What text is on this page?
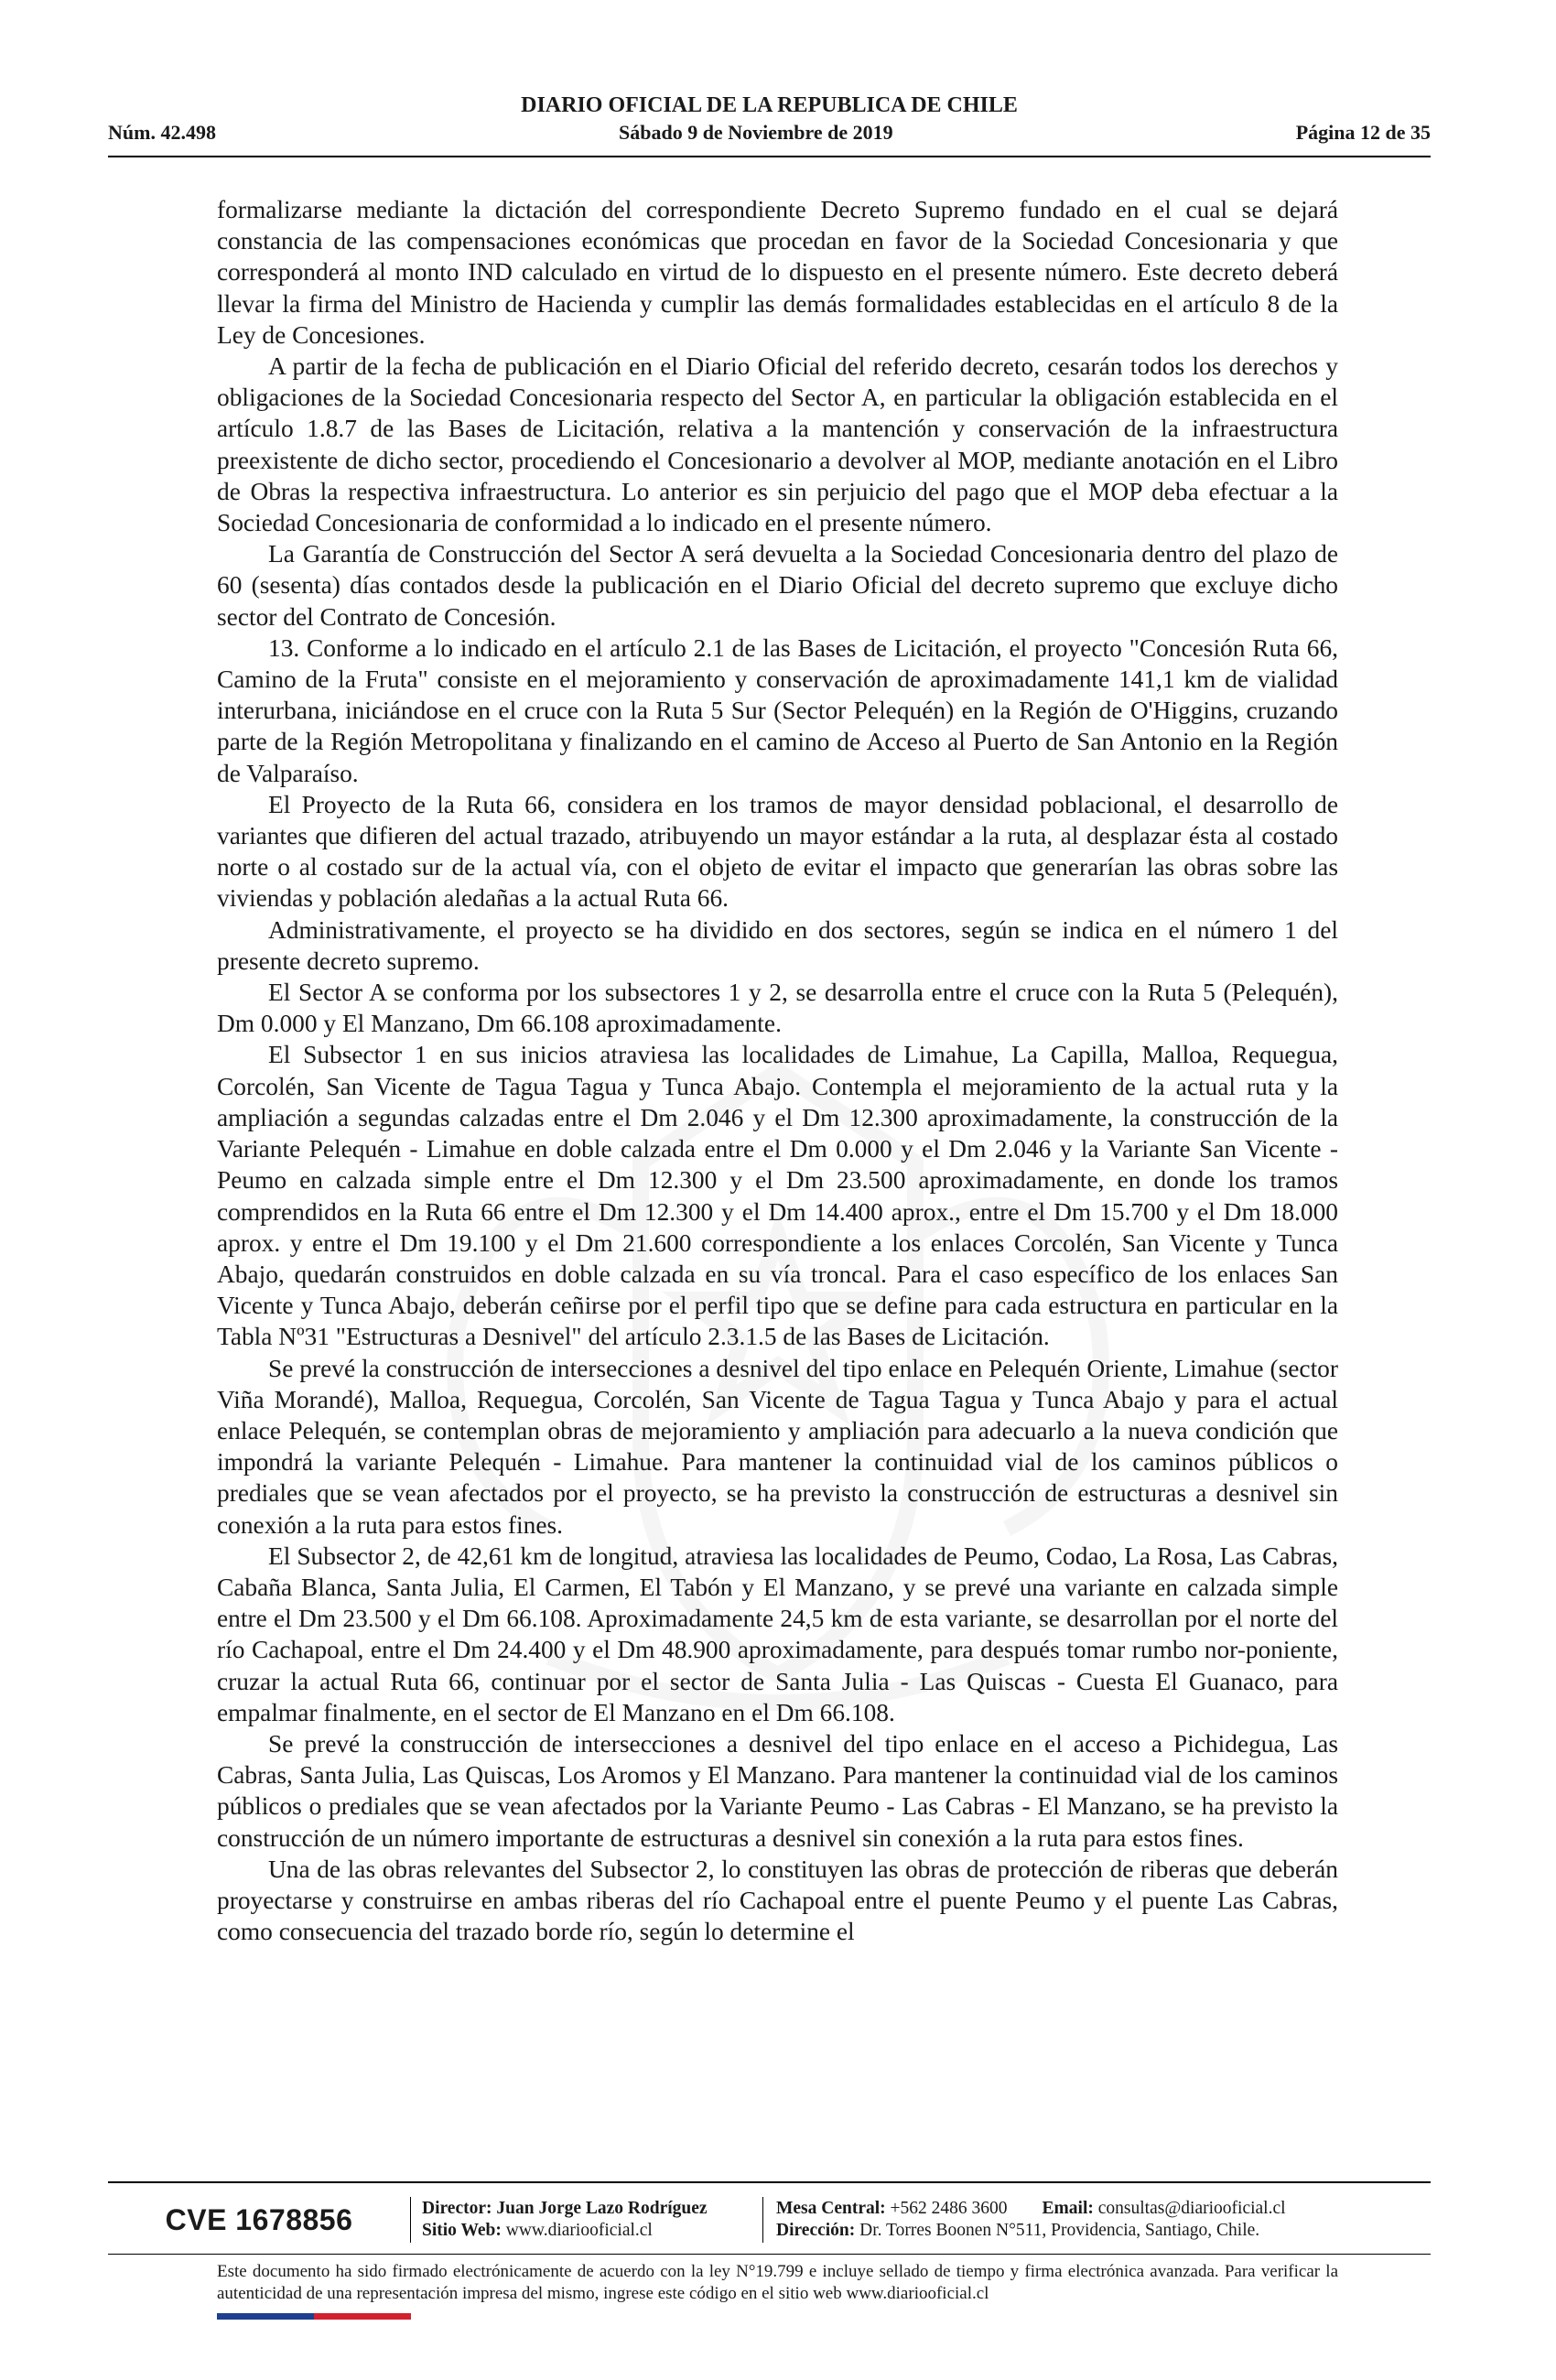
DIARIO OFICIAL DE LA REPUBLICA DE CHILE
Núm. 42.498	Sábado 9 de Noviembre de 2019	Página 12 de 35

formalizarse mediante la dictación del correspondiente Decreto Supremo fundado en el cual se dejará constancia de las compensaciones económicas que procedan en favor de la Sociedad Concesionaria y que corresponderá al monto IND calculado en virtud de lo dispuesto en el presente número. Este decreto deberá llevar la firma del Ministro de Hacienda y cumplir las demás formalidades establecidas en el artículo 8 de la Ley de Concesiones.

A partir de la fecha de publicación en el Diario Oficial del referido decreto, cesarán todos los derechos y obligaciones de la Sociedad Concesionaria respecto del Sector A, en particular la obligación establecida en el artículo 1.8.7 de las Bases de Licitación, relativa a la mantención y conservación de la infraestructura preexistente de dicho sector, procediendo el Concesionario a devolver al MOP, mediante anotación en el Libro de Obras la respectiva infraestructura. Lo anterior es sin perjuicio del pago que el MOP deba efectuar a la Sociedad Concesionaria de conformidad a lo indicado en el presente número.

La Garantía de Construcción del Sector A será devuelta a la Sociedad Concesionaria dentro del plazo de 60 (sesenta) días contados desde la publicación en el Diario Oficial del decreto supremo que excluye dicho sector del Contrato de Concesión.

13. Conforme a lo indicado en el artículo 2.1 de las Bases de Licitación, el proyecto "Concesión Ruta 66, Camino de la Fruta" consiste en el mejoramiento y conservación de aproximadamente 141,1 km de vialidad interurbana, iniciándose en el cruce con la Ruta 5 Sur (Sector Pelequén) en la Región de O'Higgins, cruzando parte de la Región Metropolitana y finalizando en el camino de Acceso al Puerto de San Antonio en la Región de Valparaíso.

El Proyecto de la Ruta 66, considera en los tramos de mayor densidad poblacional, el desarrollo de variantes que difieren del actual trazado, atribuyendo un mayor estándar a la ruta, al desplazar ésta al costado norte o al costado sur de la actual vía, con el objeto de evitar el impacto que generarían las obras sobre las viviendas y población aledañas a la actual Ruta 66.

Administrativamente, el proyecto se ha dividido en dos sectores, según se indica en el número 1 del presente decreto supremo.

El Sector A se conforma por los subsectores 1 y 2, se desarrolla entre el cruce con la Ruta 5 (Pelequén), Dm 0.000 y El Manzano, Dm 66.108 aproximadamente.

El Subsector 1 en sus inicios atraviesa las localidades de Limahue, La Capilla, Malloa, Requegua, Corcolén, San Vicente de Tagua Tagua y Tunca Abajo. Contempla el mejoramiento de la actual ruta y la ampliación a segundas calzadas entre el Dm 2.046 y el Dm 12.300 aproximadamente, la construcción de la Variante Pelequén - Limahue en doble calzada entre el Dm 0.000 y el Dm 2.046 y la Variante San Vicente - Peumo en calzada simple entre el Dm 12.300 y el Dm 23.500 aproximadamente, en donde los tramos comprendidos en la Ruta 66 entre el Dm 12.300 y el Dm 14.400 aprox., entre el Dm 15.700 y el Dm 18.000 aprox. y entre el Dm 19.100 y el Dm 21.600 correspondiente a los enlaces Corcolén, San Vicente y Tunca Abajo, quedarán construidos en doble calzada en su vía troncal. Para el caso específico de los enlaces San Vicente y Tunca Abajo, deberán ceñirse por el perfil tipo que se define para cada estructura en particular en la Tabla Nº31 "Estructuras a Desnivel" del artículo 2.3.1.5 de las Bases de Licitación.

Se prevé la construcción de intersecciones a desnivel del tipo enlace en Pelequén Oriente, Limahue (sector Viña Morandé), Malloa, Requegua, Corcolén, San Vicente de Tagua Tagua y Tunca Abajo y para el actual enlace Pelequén, se contemplan obras de mejoramiento y ampliación para adecuarlo a la nueva condición que impondrá la variante Pelequén - Limahue. Para mantener la continuidad vial de los caminos públicos o prediales que se vean afectados por el proyecto, se ha previsto la construcción de estructuras a desnivel sin conexión a la ruta para estos fines.

El Subsector 2, de 42,61 km de longitud, atraviesa las localidades de Peumo, Codao, La Rosa, Las Cabras, Cabaña Blanca, Santa Julia, El Carmen, El Tabón y El Manzano, y se prevé una variante en calzada simple entre el Dm 23.500 y el Dm 66.108. Aproximadamente 24,5 km de esta variante, se desarrollan por el norte del río Cachapoal, entre el Dm 24.400 y el Dm 48.900 aproximadamente, para después tomar rumbo nor-poniente, cruzar la actual Ruta 66, continuar por el sector de Santa Julia - Las Quiscas - Cuesta El Guanaco, para empalmar finalmente, en el sector de El Manzano en el Dm 66.108.

Se prevé la construcción de intersecciones a desnivel del tipo enlace en el acceso a Pichidegua, Las Cabras, Santa Julia, Las Quiscas, Los Aromos y El Manzano. Para mantener la continuidad vial de los caminos públicos o prediales que se vean afectados por la Variante Peumo - Las Cabras - El Manzano, se ha previsto la construcción de un número importante de estructuras a desnivel sin conexión a la ruta para estos fines.

Una de las obras relevantes del Subsector 2, lo constituyen las obras de protección de riberas que deberán proyectarse y construirse en ambas riberas del río Cachapoal entre el puente Peumo y el puente Las Cabras, como consecuencia del trazado borde río, según lo determine el

CVE 1678856	Director: Juan Jorge Lazo Rodríguez
Sitio Web: www.diariooficial.cl
Mesa Central: +562 2486 3600 Email: consultas@diariooficial.cl
Dirección: Dr. Torres Boonen N°511, Providencia, Santiago, Chile.
Este documento ha sido firmado electrónicamente de acuerdo con la ley N°19.799 e incluye sellado de tiempo y firma electrónica avanzada. Para verificar la autenticidad de una representación impresa del mismo, ingrese este código en el sitio web www.diariooficial.cl
